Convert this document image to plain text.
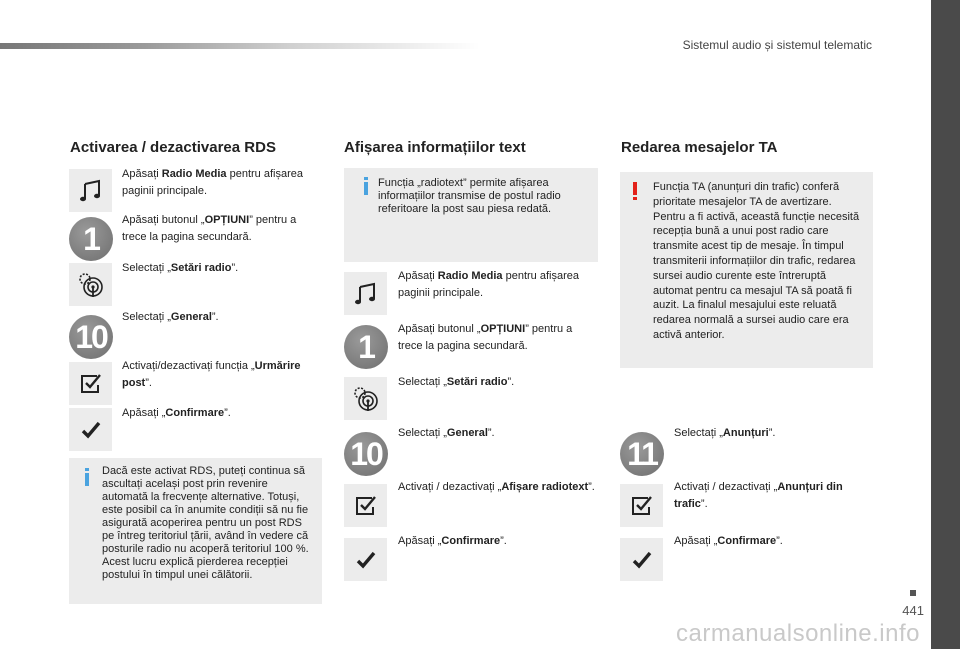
Sistemul audio și sistemul telematic
441
carmanualsonline.info
Activarea / dezactivarea RDS
Apăsați Radio Media pentru afișarea paginii principale.
1
Apăsați butonul „OPȚIUNI” pentru a trece la pagina secundară.
Selectați „Setări radio”.
10
Selectați „General”.
Activați/dezactivați funcția „Urmărire post”.
Apăsați „Confirmare”.
Dacă este activat RDS, puteți continua să ascultați același post prin revenire automată la frecvențe alternative. Totuși, este posibil ca în anumite condiții să nu fie asigurată acoperirea pentru un post RDS pe întreg teritoriul țării, având în vedere că posturile radio nu acoperă teritoriul 100 %. Acest lucru explică pierderea recepției postului în timpul unei călătorii.
Afișarea informațiilor text
Funcția „radiotext” permite afișarea informațiilor transmise de postul radio referitoare la post sau piesa redată.
Apăsați Radio Media pentru afișarea paginii principale.
1	Apăsați butonul „OPȚIUNI” pentru a trece la pagina secundară.
Selectați „Setări radio”.
10
Selectați „General”.
Activați / dezactivați „Afișare radiotext”.
Apăsați „Confirmare”.
Redarea mesajelor TA
Funcția TA (anunțuri din trafic) conferă prioritate mesajelor TA de avertizare. Pentru a fi activă, această funcție necesită recepția bună a unui post radio care transmite acest tip de mesaje. În timpul transmiterii informațiilor din trafic, redarea sursei audio curente este întreruptă automat pentru ca mesajul TA să poată fi auzit. La finalul mesajului este reluată redarea normală a sursei audio care era activă anterior.
11
Selectați „Anunțuri”.
Activați / dezactivați „Anunțuri din trafic”.
Apăsați „Confirmare”.
